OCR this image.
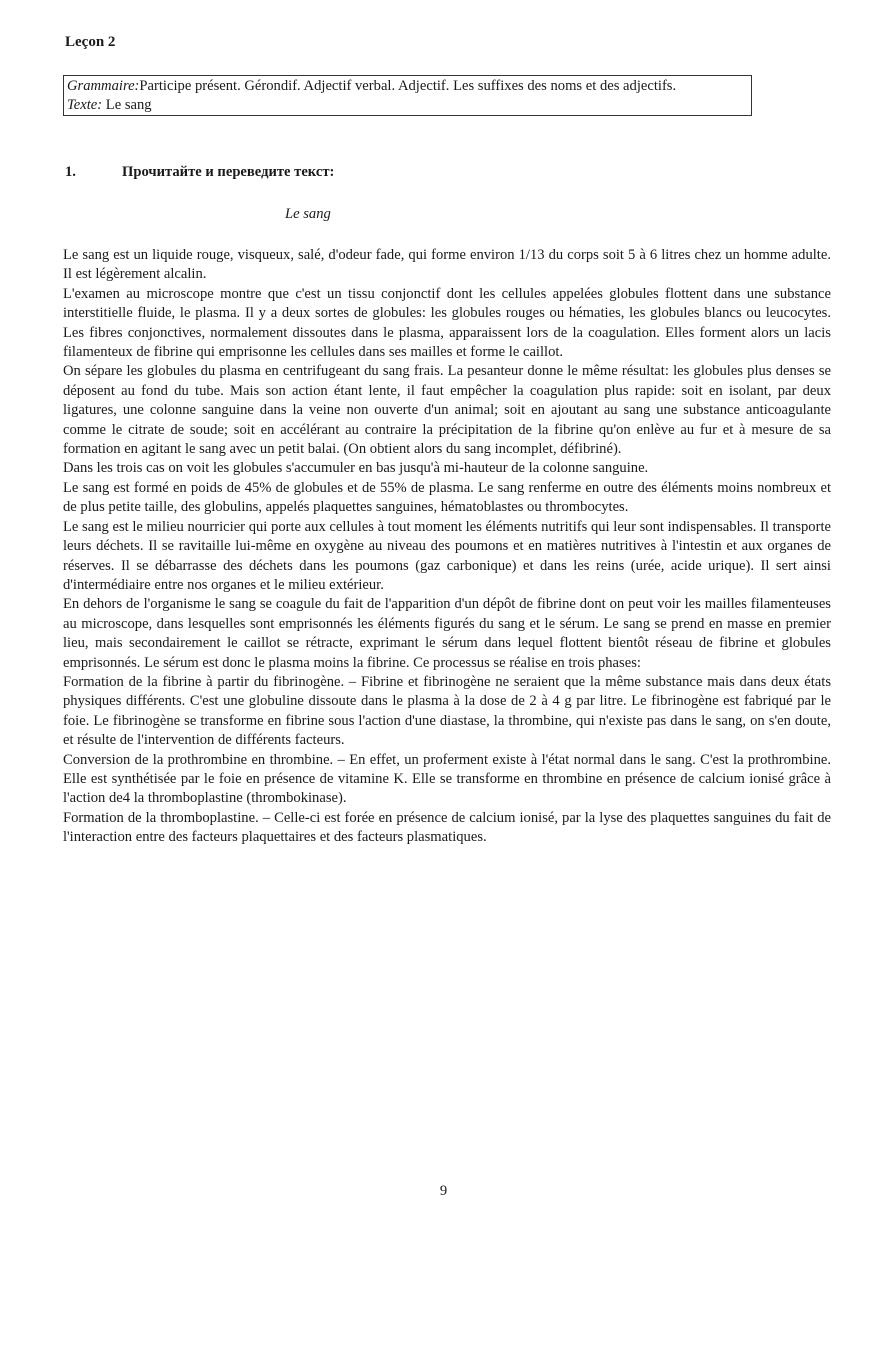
Leçon 2
Grammaire:Participe présent. Gérondif. Adjectif verbal. Adjectif. Les suffixes des noms et des adjectifs.
Texte: Le sang
1.	Прочитайте и переведите текст:
Le sang

Le sang est un liquide rouge, visqueux, salé, d'odeur fade, qui forme environ 1/13 du corps soit 5 à 6 litres chez un homme adulte. Il est légèrement alcalin.

L'examen au microscope montre que c'est un tissu conjonctif dont les cellules appelées globules flottent dans une substance interstitielle fluide, le plasma. Il y a deux sortes de globules: les globules rouges ou hématies, les globules blancs ou leucocytes. Les fibres conjonctives, normalement dissoutes dans le plasma, apparaissent lors de la coagulation. Elles forment alors un lacis filamenteux de fibrine qui emprisonne les cellules dans ses mailles et forme le caillot.

On sépare les globules du plasma en centrifugeant du sang frais. La pesanteur donne le même résultat: les globules plus denses se déposent au fond du tube. Mais son action étant lente, il faut empêcher la coagulation plus rapide: soit en isolant, par deux ligatures, une colonne sanguine dans la veine non ouverte d'un animal; soit en ajoutant au sang une substance anticoagulante comme le citrate de soude; soit en accélérant au contraire la précipitation de la fibrine qu'on enlève au fur et à mesure de sa formation en agitant le sang avec un petit balai. (On obtient alors du sang incomplet, défibriné).

Dans les trois cas on voit les globules s'accumuler en bas jusqu'à mi-hauteur de la colonne sanguine.

Le sang est formé en poids de 45% de globules et de 55% de plasma. Le sang renferme en outre des éléments moins nombreux et de plus petite taille, des globulins, appelés plaquettes sanguines, hématoblastes ou thrombocytes.

Le sang est le milieu nourricier qui porte aux cellules à tout moment les éléments nutritifs qui leur sont indispensables. Il transporte leurs déchets. Il se ravitaille lui-même en oxygène au niveau des poumons et en matières nutritives à l'intestin et aux organes de réserves. Il se débarrasse des déchets dans les poumons (gaz carbonique) et dans les reins (urée, acide urique). Il sert ainsi d'intermédiaire entre nos organes et le milieu extérieur.

En dehors de l'organisme le sang se coagule du fait de l'apparition d'un dépôt de fibrine dont on peut voir les mailles filamenteuses au microscope, dans lesquelles sont emprisonnés les éléments figurés du sang et le sérum. Le sang se prend en masse en premier lieu, mais secondairement le caillot se rétracte, exprimant le sérum dans lequel flottent bientôt réseau de fibrine et globules emprisonnés. Le sérum est donc le plasma moins la fibrine. Ce processus se réalise en trois phases:

Formation de la fibrine à partir du fibrinogène. – Fibrine et fibrinogène ne seraient que la même substance mais dans deux états physiques différents. C'est une globuline dissoute dans le plasma à la dose de 2 à 4 g par litre. Le fibrinogène est fabriqué par le foie. Le fibrinogène se transforme en fibrine sous l'action d'une diastase, la thrombine, qui n'existe pas dans le sang, on s'en doute, et résulte de l'intervention de différents facteurs.

Conversion de la prothrombine en thrombine. – En effet, un proferment existe à l'état normal dans le sang. C'est la prothrombine. Elle est synthétisée par le foie en présence de vitamine K. Elle se transforme en thrombine en présence de calcium ionisé grâce à l'action de4 la thromboplastine (thrombokinase).

Formation de la thromboplastine. – Celle-ci est forée en présence de calcium ionisé, par la lyse des plaquettes sanguines du fait de l'interaction entre des facteurs plaquettaires et des facteurs plasmatiques.

9
